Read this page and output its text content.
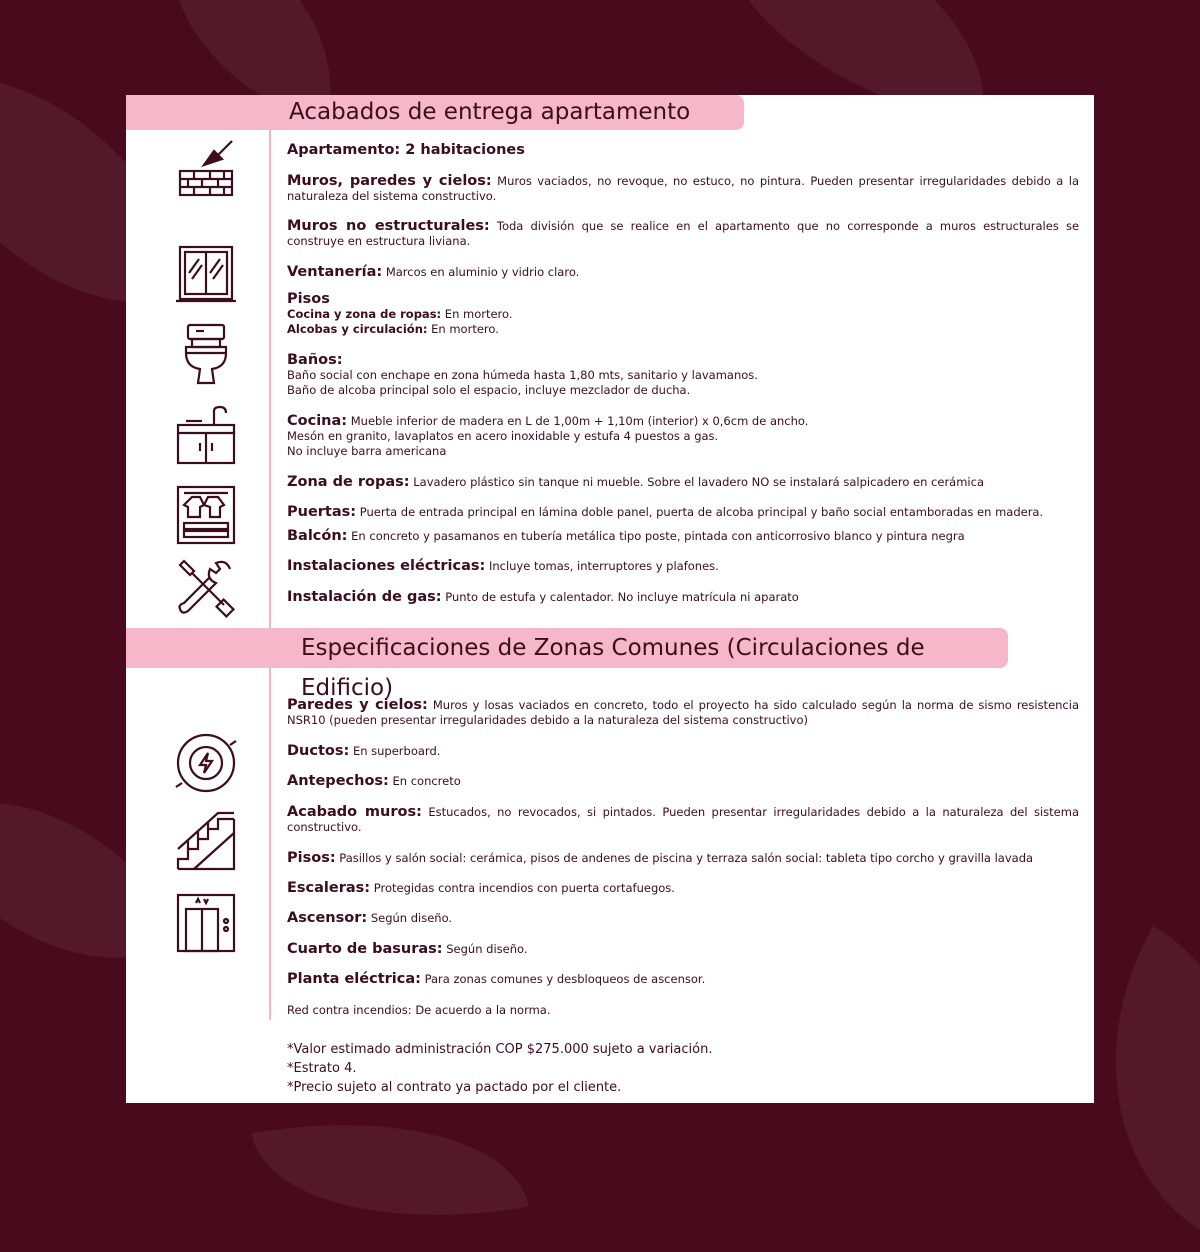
Acabados de entrega apartamento
Especificaciones de Zonas Comunes (Circulaciones de Edificio)
Apartamento: 2 habitaciones
Muros, paredes y cielos: Muros vaciados, no revoque, no estuco, no pintura. Pueden presentar irregularidades debido a la naturaleza del sistema constructivo.
Muros no estructurales: Toda división que se realice en el apartamento que no corresponde a muros estructurales se construye en estructura liviana.
Ventanería: Marcos en aluminio y vidrio claro.
Pisos
Cocina y zona de ropas: En mortero.
Alcobas y circulación: En mortero.
Baños:
Baño social con enchape en zona húmeda hasta 1,80 mts, sanitario y lavamanos.
Baño de alcoba principal solo el espacio, incluye mezclador de ducha.
Cocina: Mueble inferior de madera en L de 1,00m + 1,10m (interior) x 0,6cm de ancho.
Mesón en granito, lavaplatos en acero inoxidable y estufa 4 puestos a gas.
No incluye barra americana
Zona de ropas: Lavadero plástico sin tanque ni mueble. Sobre el lavadero NO se instalará salpicadero en cerámica
Puertas: Puerta de entrada principal en lámina doble panel, puerta de alcoba principal y baño social entamboradas en madera.
Balcón: En concreto y pasamanos en tubería metálica tipo poste, pintada con anticorrosivo blanco y pintura negra
Instalaciones eléctricas: Incluye tomas, interruptores y plafones.
Instalación de gas: Punto de estufa y calentador. No incluye matrícula ni aparato
Paredes y cielos: Muros y losas vaciados en concreto, todo el proyecto ha sido calculado según la norma de sismo resistencia NSR10 (pueden presentar irregularidades debido a la naturaleza del sistema constructivo)
Ductos: En superboard.
Antepechos: En concreto
Acabado muros: Estucados, no revocados, si pintados. Pueden presentar irregularidades debido a la naturaleza del sistema constructivo.
Pisos: Pasillos y salón social: cerámica, pisos de andenes de piscina y terraza salón social: tableta tipo corcho y gravilla lavada
Escaleras: Protegidas contra incendios con puerta cortafuegos.
Ascensor: Según diseño.
Cuarto de basuras: Según diseño.
Planta eléctrica: Para zonas comunes y desbloqueos de ascensor.
Red contra incendios: De acuerdo a la norma.
*Valor estimado administración COP $275.000 sujeto a variación.
*Estrato 4.
*Precio sujeto al contrato ya pactado por el cliente.
